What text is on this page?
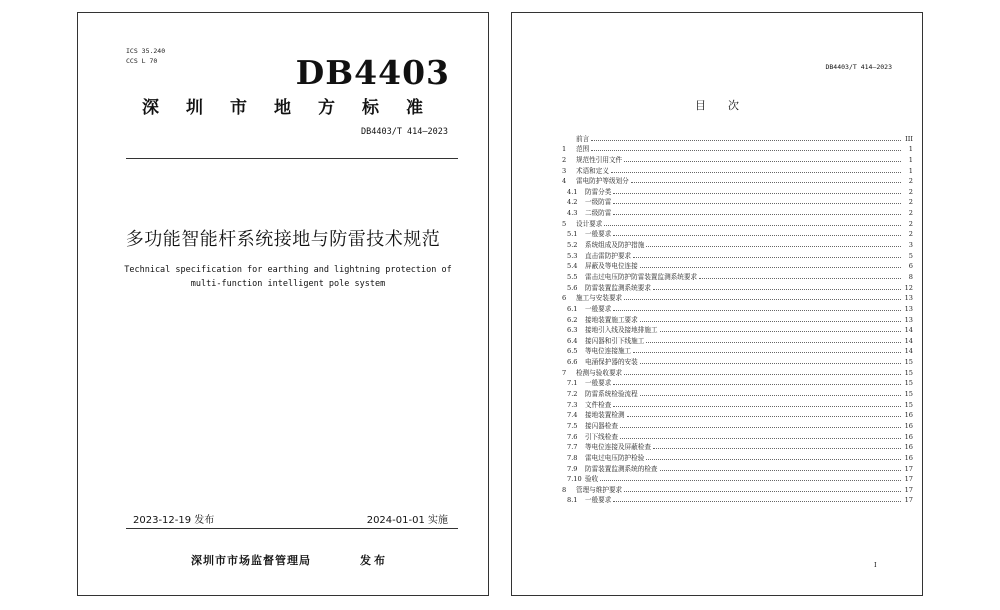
ICS 35.240
CCS L 70	DB4403
深圳市地方标准
DB4403/T 414—2023
多功能智能杆系统接地与防雷技术规范
Technical specification for earthing and lightning protection of
multi-function intelligent pole system
2023-12-19 发布	2024-01-01 实施
深圳市市场监督管理局	发布
DB4403/T 414—2023
目次
前言	III
1	范围	1
2	规范性引用文件	1
3	术语和定义	1
4	雷电防护等级划分	2
4.1	防雷分类	2
4.2	一级防雷	2
4.3	二级防雷	2
5	设计要求	2
5.1	一般要求	2
5.2	系统组成及防护措施	3
5.3	直击雷防护要求	5
5.4	屏蔽及等电位连接	6
5.5	雷击过电压防护防雷装置监测系统要求	8
5.6	防雷装置监测系统要求	12
6	施工与安装要求	13
6.1	一般要求	13
6.2	接地装置施工要求	13
6.3	接地引入线及接地排施工	14
6.4	接闪器和引下线施工	14
6.5	等电位连接施工	14
6.6	电涌保护器的安装	15
7	检测与验收要求	15
7.1	一般要求	15
7.2	防雷系统检验流程	15
7.3	文件检查	15
7.4	接地装置检测	16
7.5	接闪器检查	16
7.6	引下线检查	16
7.7	等电位连接及屏蔽检查	16
7.8	雷电过电压防护检验	16
7.9	防雷装置监测系统的检查	17
7.10 验收	17
8	管理与维护要求	17
8.1	一般要求	17
I
